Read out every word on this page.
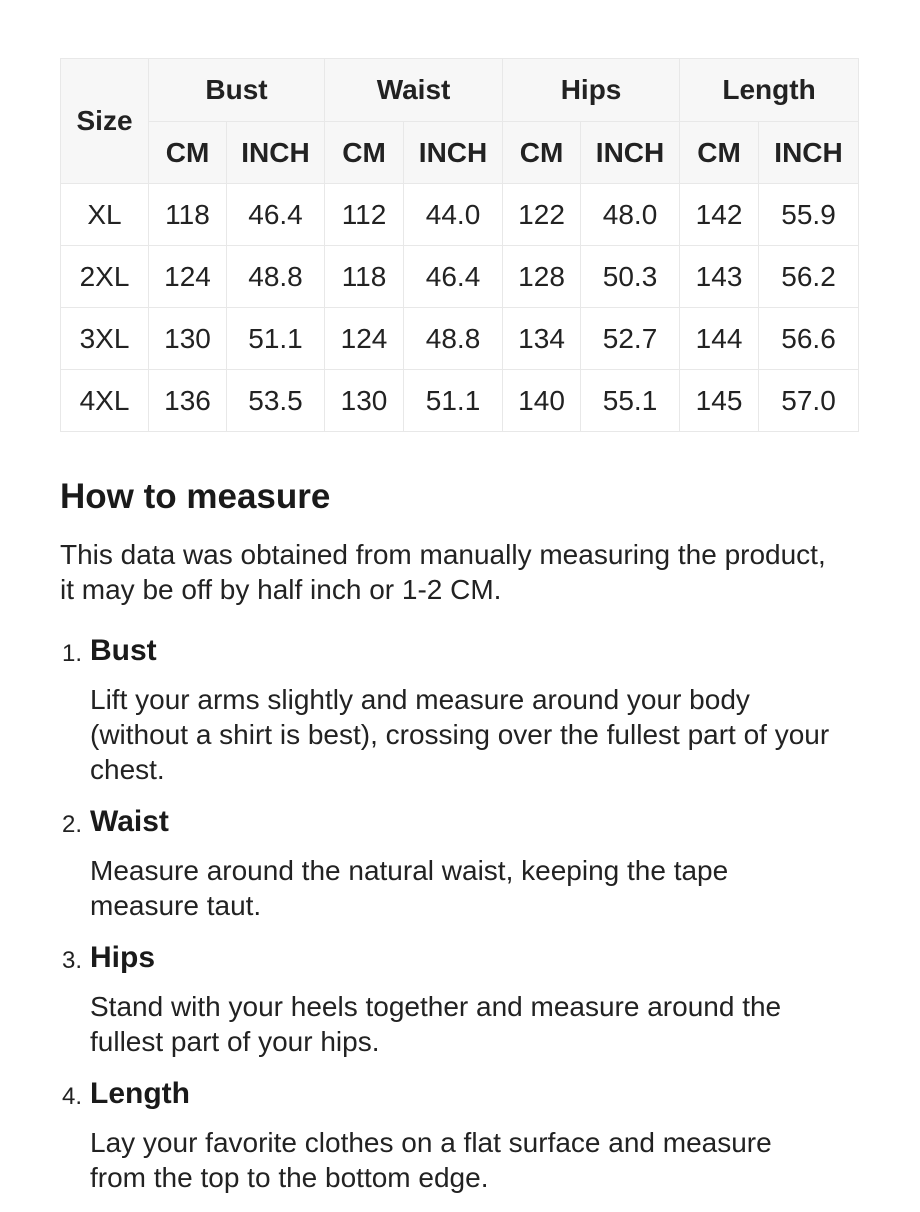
Size	Bust		Waist		Hips		Length	
	CM	INCH	CM	INCH	CM	INCH	CM	INCH
XL	118	46.4	112	44.0	122	48.0	142	55.9
2XL	124	48.8	118	46.4	128	50.3	143	56.2
3XL	130	51.1	124	48.8	134	52.7	144	56.6
4XL	136	53.5	130	51.1	140	55.1	145	57.0
How to measure

This data was obtained from manually measuring the product,
it may be off by half inch or 1-2 CM.

1. Bust
Lift your arms slightly and measure around your body
(without a shirt is best), crossing over the fullest part of your
chest.
2. Waist
Measure around the natural waist, keeping the tape
measure taut.
3. Hips
Stand with your heels together and measure around the
fullest part of your hips.
4. Length
Lay your favorite clothes on a flat surface and measure
from the top to the bottom edge.
